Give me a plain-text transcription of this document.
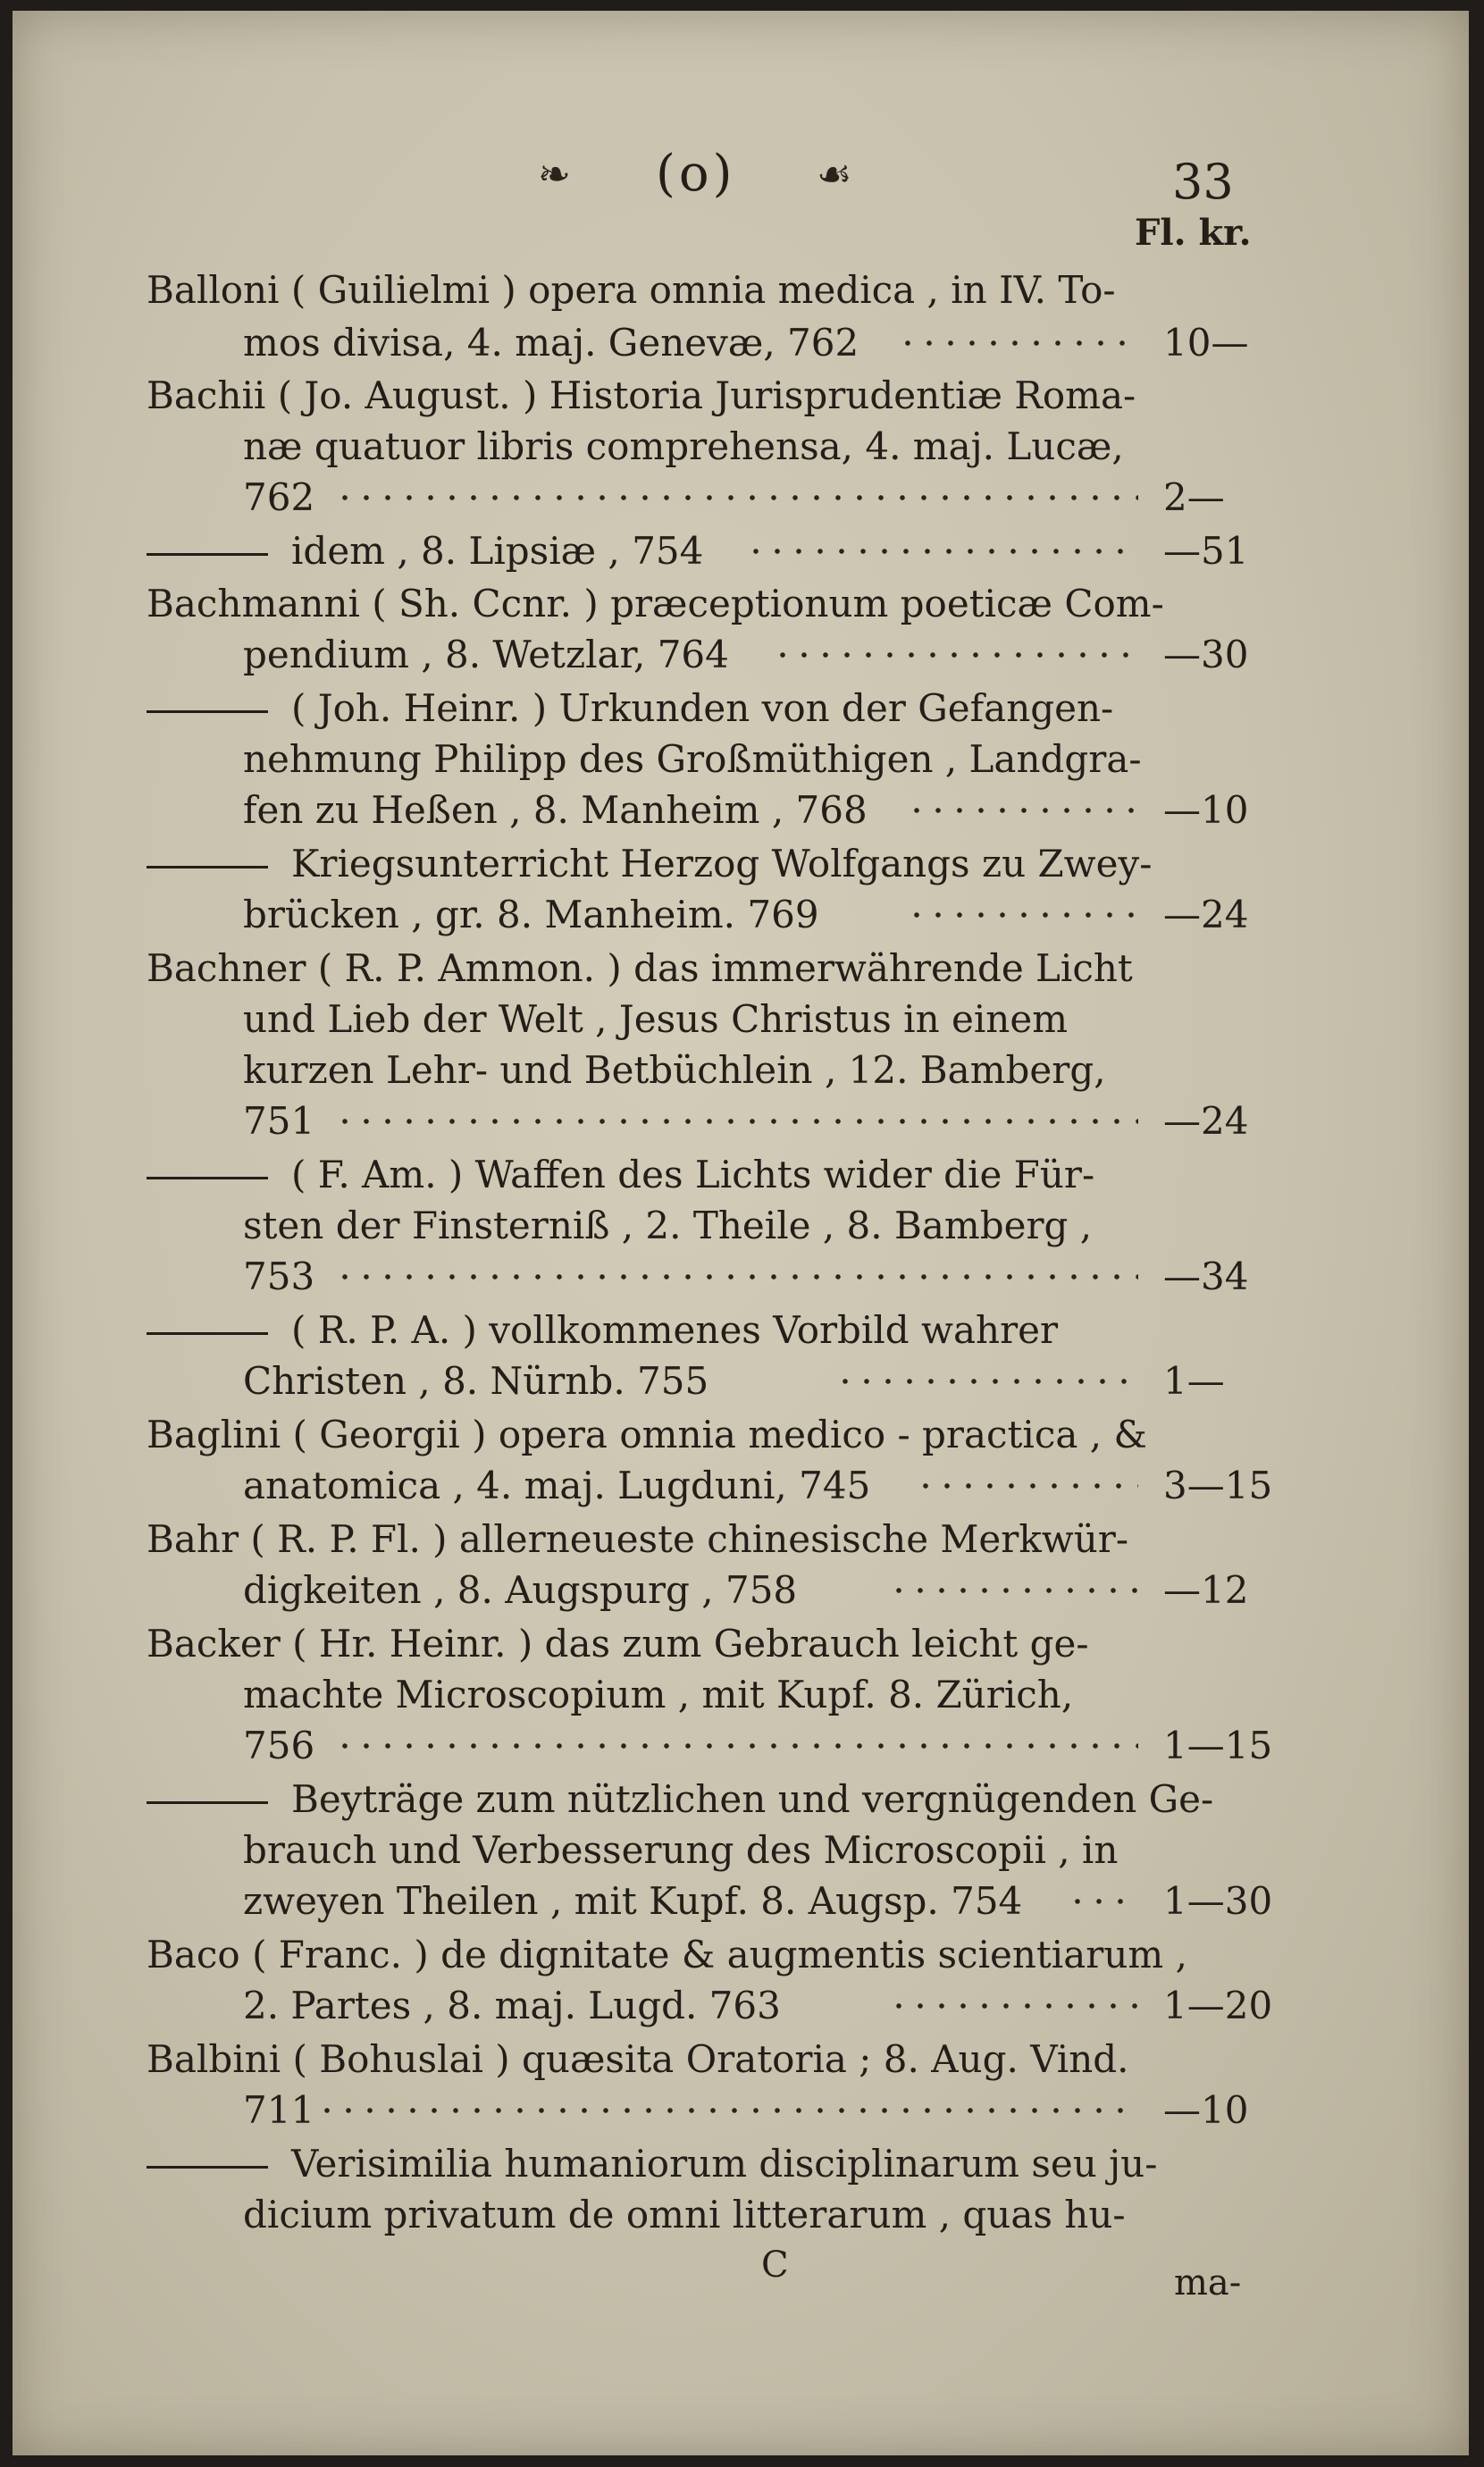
❧ (o) ☙	33
Fl. kr.
Balloni ( Guilielmi ) opera omnia medica , in IV. To-
mos divisa, 4. maj. Genevæ, 762	10—
Bachii ( Jo. August. ) Historia Jurisprudentiæ Roma-
næ quatuor libris comprehensa, 4. maj. Lucæ,
762	2—
idem , 8. Lipsiæ , 754	—51
Bachmanni ( Sh. Ccnr. ) præceptionum poeticæ Com-
pendium , 8. Wetzlar, 764	—30
( Joh. Heinr. ) Urkunden von der Gefangen-
nehmung Philipp des Großmüthigen , Landgra-
fen zu Heßen , 8. Manheim , 768	—10
Kriegsunterricht Herzog Wolfgangs zu Zwey-
brücken , gr. 8. Manheim. 769	—24
Bachner ( R. P. Ammon. ) das immerwährende Licht
und Lieb der Welt , Jesus Christus in einem
kurzen Lehr- und Betbüchlein , 12. Bamberg,
751	—24
( F. Am. ) Waffen des Lichts wider die Für-
sten der Finsterniß , 2. Theile , 8. Bamberg ,
753	—34
( R. P. A. ) vollkommenes Vorbild wahrer
Christen , 8. Nürnb. 755	1—
Baglini ( Georgii ) opera omnia medico - practica , &
anatomica , 4. maj. Lugduni, 745	3—15
Bahr ( R. P. Fl. ) allerneueste chinesische Merkwür-
digkeiten , 8. Augspurg , 758	—12
Backer ( Hr. Heinr. ) das zum Gebrauch leicht ge-
machte Microscopium , mit Kupf. 8. Zürich,
756	1—15
Beyträge zum nützlichen und vergnügenden Ge-
brauch und Verbesserung des Microscopii , in
zweyen Theilen , mit Kupf. 8. Augsp. 754	1—30
Baco ( Franc. ) de dignitate & augmentis scientiarum ,
2. Partes , 8. maj. Lugd. 763	1—20
Balbini ( Bohuslai ) quæsita Oratoria ; 8. Aug. Vind.
711	—10
Verisimilia humaniorum disciplinarum seu ju-
dicium privatum de omni litterarum , quas hu-
C	ma-
